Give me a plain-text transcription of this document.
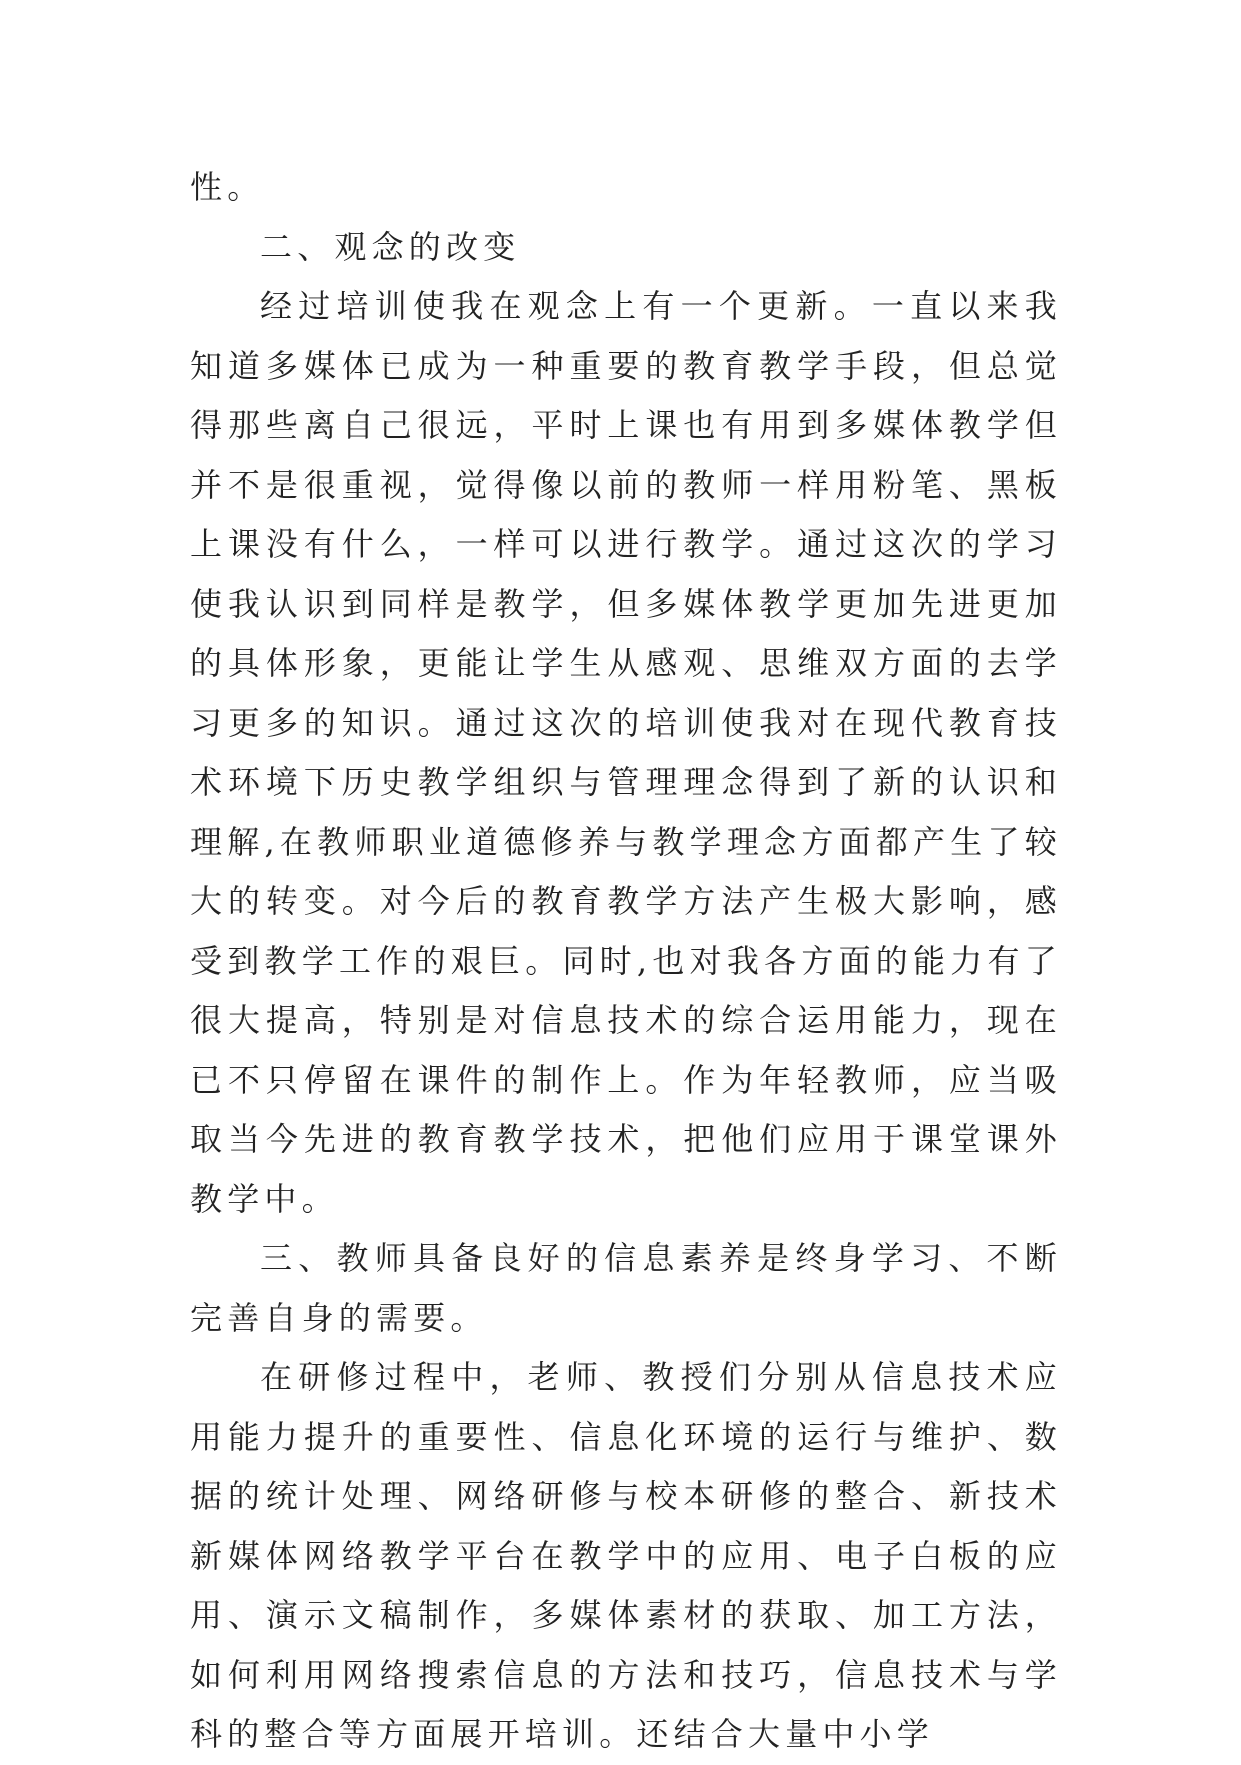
性。

二、观念的改变

经过培训使我在观念上有一个更新。一直以来我知道多媒体已成为一种重要的教育教学手段，但总觉得那些离自己很远，平时上课也有用到多媒体教学但并不是很重视，觉得像以前的教师一样用粉笔、黑板上课没有什么，一样可以进行教学。通过这次的学习使我认识到同样是教学，但多媒体教学更加先进更加的具体形象，更能让学生从感观、思维双方面的去学习更多的知识。通过这次的培训使我对在现代教育技术环境下历史教学组织与管理理念得到了新的认识和理解,在教师职业道德修养与教学理念方面都产生了较大的转变。对今后的教育教学方法产生极大影响，感受到教学工作的艰巨。同时,也对我各方面的能力有了很大提高，特别是对信息技术的综合运用能力，现在已不只停留在课件的制作上。作为年轻教师，应当吸取当今先进的教育教学技术，把他们应用于课堂课外教学中。

三、教师具备良好的信息素养是终身学习、不断完善自身的需要。

在研修过程中，老师、教授们分别从信息技术应用能力提升的重要性、信息化环境的运行与维护、数据的统计处理、网络研修与校本研修的整合、新技术新媒体网络教学平台在教学中的应用、电子白板的应用、演示文稿制作，多媒体素材的获取、加工方法，如何利用网络搜索信息的方法和技巧，信息技术与学科的整合等方面展开培训。还结合大量中小学
